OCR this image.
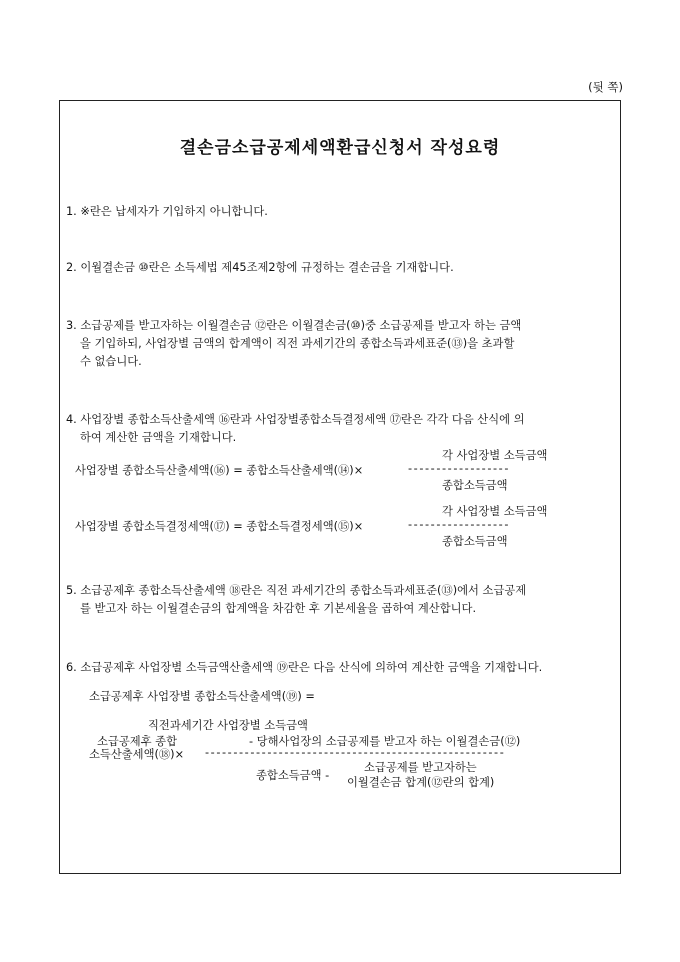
(뒷 쪽)
결손금소급공제세액환급신청서 작성요령
1. ※란은 납세자가 기입하지 아니합니다.
2. 이월결손금 ⑩란은 소득세법 제45조제2항에 규정하는 결손금을 기재합니다.
3. 소급공제를 받고자하는 이월결손금 ⑫란은 이월결손금(⑩)중 소급공제를 받고자 하는 금액
을 기입하되, 사업장별 금액의 합계액이 직전 과세기간의 종합소득과세표준(⑬)을 초과할
수 없습니다.
4. 사업장별 종합소득산출세액 ⑯란과 사업장별종합소득결정세액 ⑰란은 각각 다음 산식에 의
하여 계산한 금액을 기재합니다.
사업장별 종합소득산출세액(⑯) = 종합소득산출세액(⑭)×
각 사업장별 소득금액
- - - - - - - - - - - - - - - - - -
종합소득금액
사업장별 종합소득결정세액(⑰) = 종합소득결정세액(⑮)×
각 사업장별 소득금액
- - - - - - - - - - - - - - - - - -
종합소득금액
5. 소급공제후 종합소득산출세액 ⑱란은 직전 과세기간의 종합소득과세표준(⑬)에서 소급공제
를 받고자 하는 이월결손금의 합계액을 차감한 후 기본세율을 곱하여 계산합니다.
6. 소급공제후 사업장별 소득금액산출세액 ⑲란은 다음 산식에 의하여 계산한 금액을 기재합니다.
소급공제후 사업장별 종합소득산출세액(⑲) =
직전과세기간 사업장별 소득금액
소급공제후 종합	- 당해사업장의 소급공제를 받고자 하는 이월결손금(⑫)
소득산출세액(⑱)× - - - - - - - - - - - - - - - - - - - - - - - - - - - - - - - - - - - - - - - - - - - - - - - - - - - - -
종합소득금액 -
소급공제를 받고자하는
이월결손금 합계(⑫란의 합계)
